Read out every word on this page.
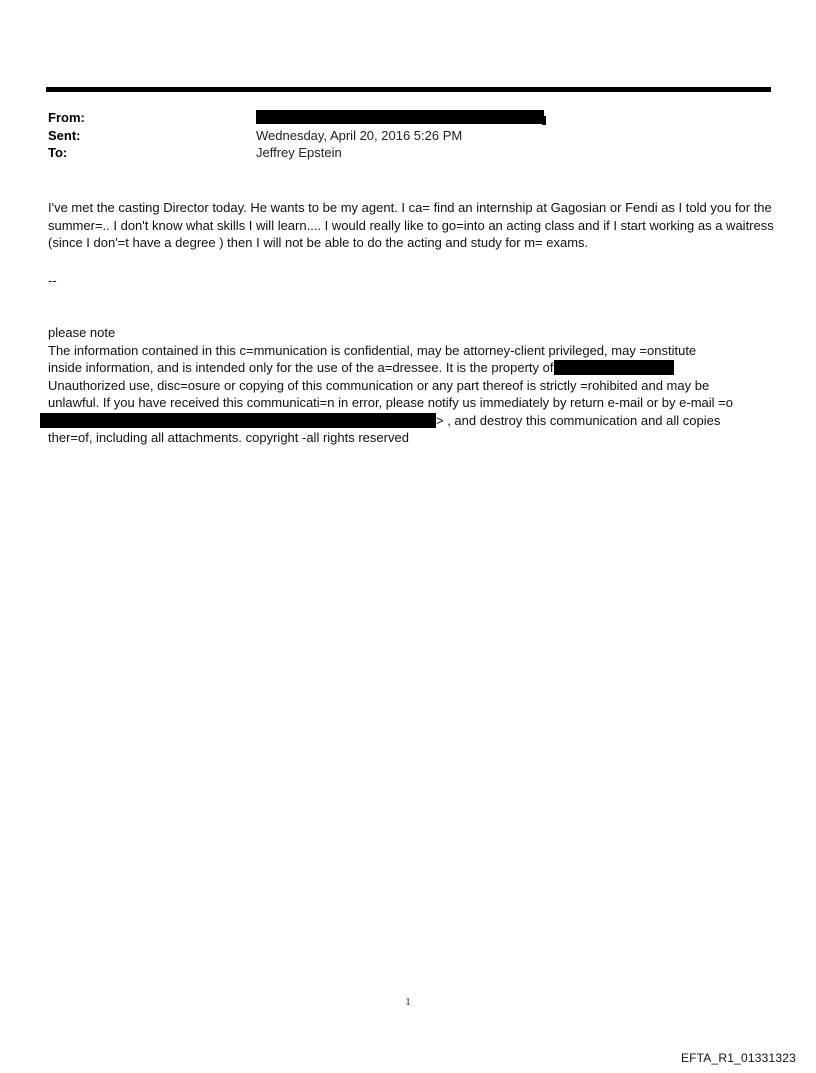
From:
Sent:	Wednesday, April 20, 2016 5:26 PM
To:	Jeffrey Epstein

I've met the casting Director today. He wants to be my agent. I ca= find an internship at Gagosian or Fendi as I told you for the summer=.. I don't know what skills I will learn.... I would really like to go=into an acting class and if I start working as a waitress (since I don'=t have a degree ) then I will not be able to do the acting and study for m= exams.

--
please note
The information contained in this c=mmunication is confidential, may be attorney-client privileged, may =onstitute
inside information, and is intended only for the use of the a=dressee. It is the property of
Unauthorized use, disc=osure or copying of this communication or any part thereof is strictly =rohibited and may be
unlawful. If you have received this communicati=n in error, please notify us immediately by return e-mail or by e-mail =o
> , and destroy this communication and all copies
ther=of, including all attachments. copyright -all rights reserved
1
EFTA_R1_01331323
